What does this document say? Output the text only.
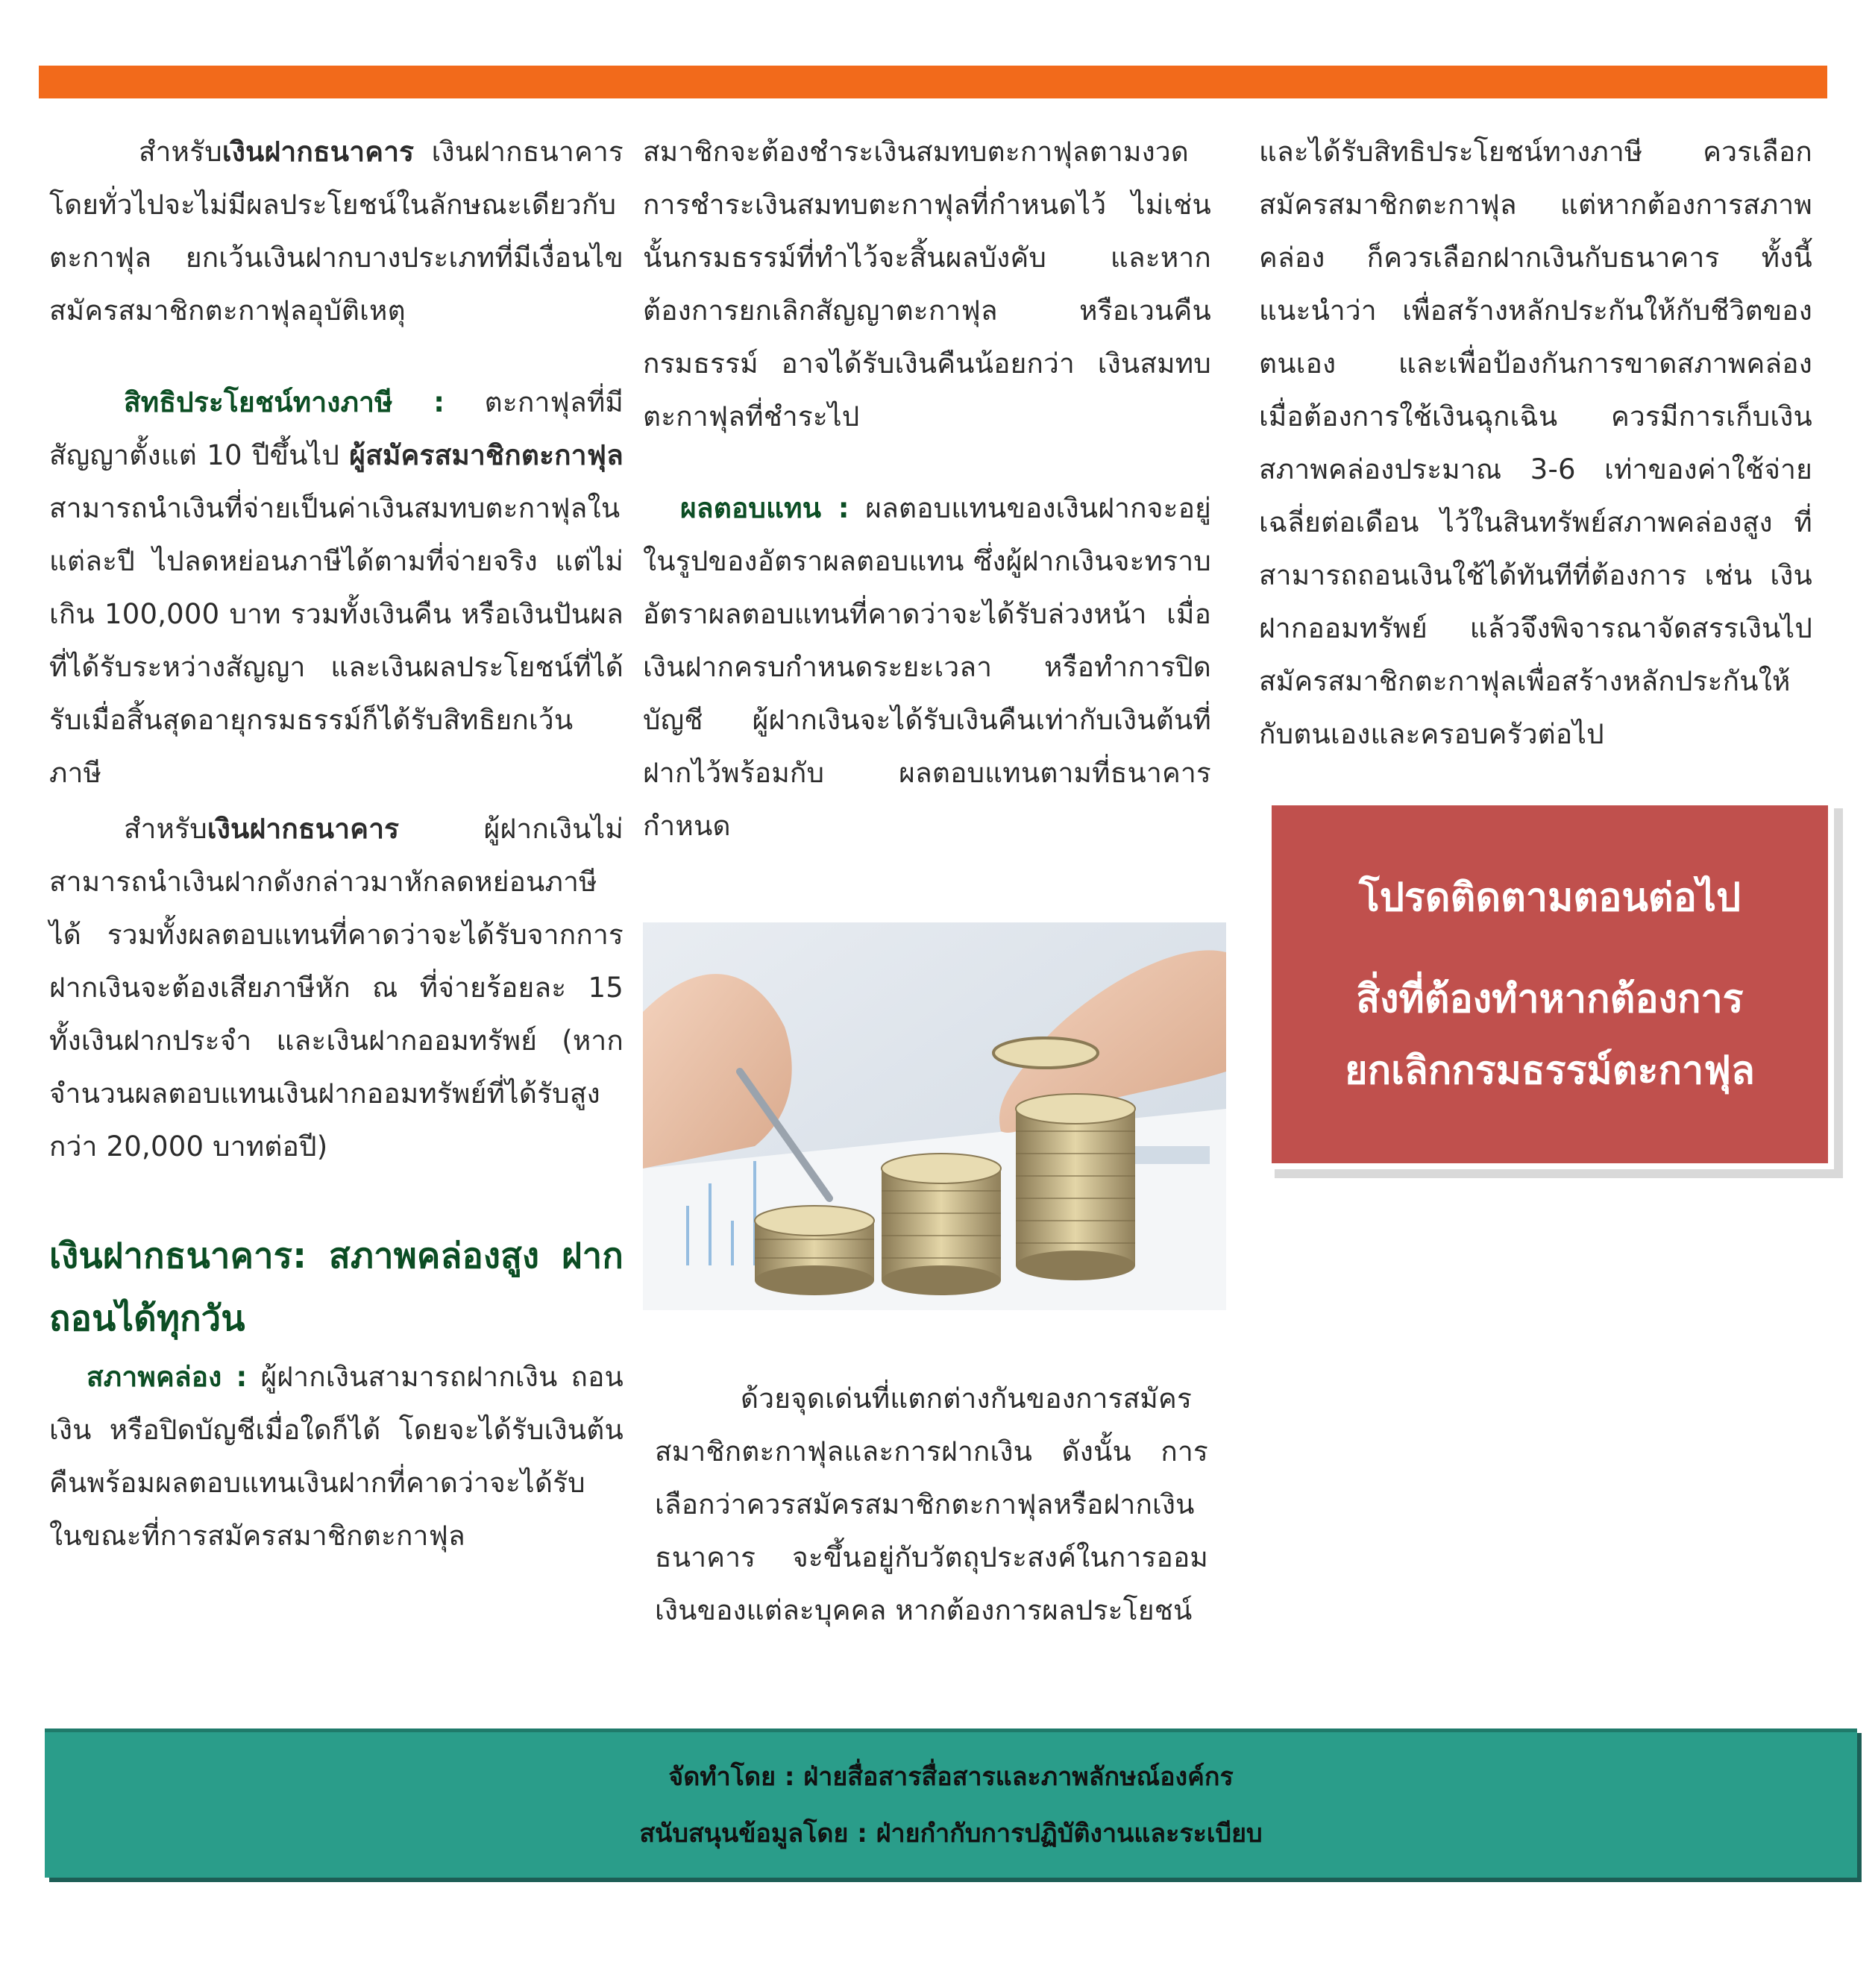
สำหรับเงินฝากธนาคาร เงินฝากธนาคาร โดยทั่วไปจะไม่มีผลประโยชน์ในลักษณะเดียวกับตะกาฟุล ยกเว้นเงินฝากบางประเภทที่มีเงื่อนไขสมัครสมาชิกตะกาฟุลอุบัติเหตุ

สิทธิประโยชน์ทางภาษี : ตะกาฟุลที่มีสัญญาตั้งแต่ 10 ปีขึ้นไป ผู้สมัครสมาชิกตะกาฟุล สามารถนำเงินที่จ่ายเป็นค่าเงินสมทบตะกาฟุลในแต่ละปี ไปลดหย่อนภาษีได้ตามที่จ่ายจริง แต่ไม่เกิน 100,000 บาท รวมทั้งเงินคืน หรือเงินปันผลที่ได้รับระหว่างสัญญา และเงินผลประโยชน์ที่ได้รับเมื่อสิ้นสุดอายุกรมธรรม์ก็ได้รับสิทธิยกเว้นภาษี

สำหรับเงินฝากธนาคาร ผู้ฝากเงินไม่สามารถนำเงินฝากดังกล่าวมาหักลดหย่อนภาษีได้ รวมทั้งผลตอบแทนที่คาดว่าจะได้รับจากการฝากเงินจะต้องเสียภาษีหัก ณ ที่จ่ายร้อยละ 15 ทั้งเงินฝากประจำ และเงินฝากออมทรัพย์ (หากจำนวนผลตอบแทนเงินฝากออมทรัพย์ที่ได้รับสูงกว่า 20,000 บาทต่อปี)

เงินฝากธนาคาร: สภาพคล่องสูง ฝากถอนได้ทุกวัน

สภาพคล่อง : ผู้ฝากเงินสามารถฝากเงิน ถอนเงิน หรือปิดบัญชีเมื่อใดก็ได้ โดยจะได้รับเงินต้นคืนพร้อมผลตอบแทนเงินฝากที่คาดว่าจะได้รับ ในขณะที่การสมัครสมาชิกตะกาฟุล

สมาชิกจะต้องชำระเงินสมทบตะกาฟุลตามงวดการชำระเงินสมทบตะกาฟุลที่กำหนดไว้ ไม่เช่นนั้นกรมธรรม์ที่ทำไว้จะสิ้นผลบังคับ และหากต้องการยกเลิกสัญญาตะกาฟุล หรือเวนคืนกรมธรรม์ อาจได้รับเงินคืนน้อยกว่า เงินสมทบตะกาฟุลที่ชำระไป

ผลตอบแทน : ผลตอบแทนของเงินฝากจะอยู่ในรูปของอัตราผลตอบแทน ซึ่งผู้ฝากเงินจะทราบอัตราผลตอบแทนที่คาดว่าจะได้รับล่วงหน้า เมื่อเงินฝากครบกำหนดระยะเวลา หรือทำการปิดบัญชี ผู้ฝากเงินจะได้รับเงินคืนเท่ากับเงินต้นที่ฝากไว้พร้อมกับ ผลตอบแทนตามที่ธนาคารกำหนด

ด้วยจุดเด่นที่แตกต่างกันของการสมัครสมาชิกตะกาฟุลและการฝากเงิน ดังนั้น การเลือกว่าควรสมัครสมาชิกตะกาฟุลหรือฝากเงินธนาคาร จะขึ้นอยู่กับวัตถุประสงค์ในการออมเงินของแต่ละบุคคล หากต้องการผลประโยชน์

และได้รับสิทธิประโยชน์ทางภาษี ควรเลือกสมัครสมาชิกตะกาฟุล แต่หากต้องการสภาพคล่อง ก็ควรเลือกฝากเงินกับธนาคาร ทั้งนี้แนะนำว่า เพื่อสร้างหลักประกันให้กับชีวิตของตนเอง และเพื่อป้องกันการขาดสภาพคล่อง เมื่อต้องการใช้เงินฉุกเฉิน ควรมีการเก็บเงินสภาพคล่องประมาณ 3-6 เท่าของค่าใช้จ่ายเฉลี่ยต่อเดือน ไว้ในสินทรัพย์สภาพคล่องสูง ที่สามารถถอนเงินใช้ได้ทันทีที่ต้องการ เช่น เงินฝากออมทรัพย์ แล้วจึงพิจารณาจัดสรรเงินไปสมัครสมาชิกตะกาฟุลเพื่อสร้างหลักประกันให้กับตนเองและครอบครัวต่อไป

โปรดติดตามตอนต่อไป
สิ่งที่ต้องทำหากต้องการ
ยกเลิกกรมธรรม์ตะกาฟุล
จัดทำโดย : ฝ่ายสื่อสารสื่อสารและภาพลักษณ์องค์กร
สนับสนุนข้อมูลโดย : ฝ่ายกำกับการปฏิบัติงานและระเบียบ
